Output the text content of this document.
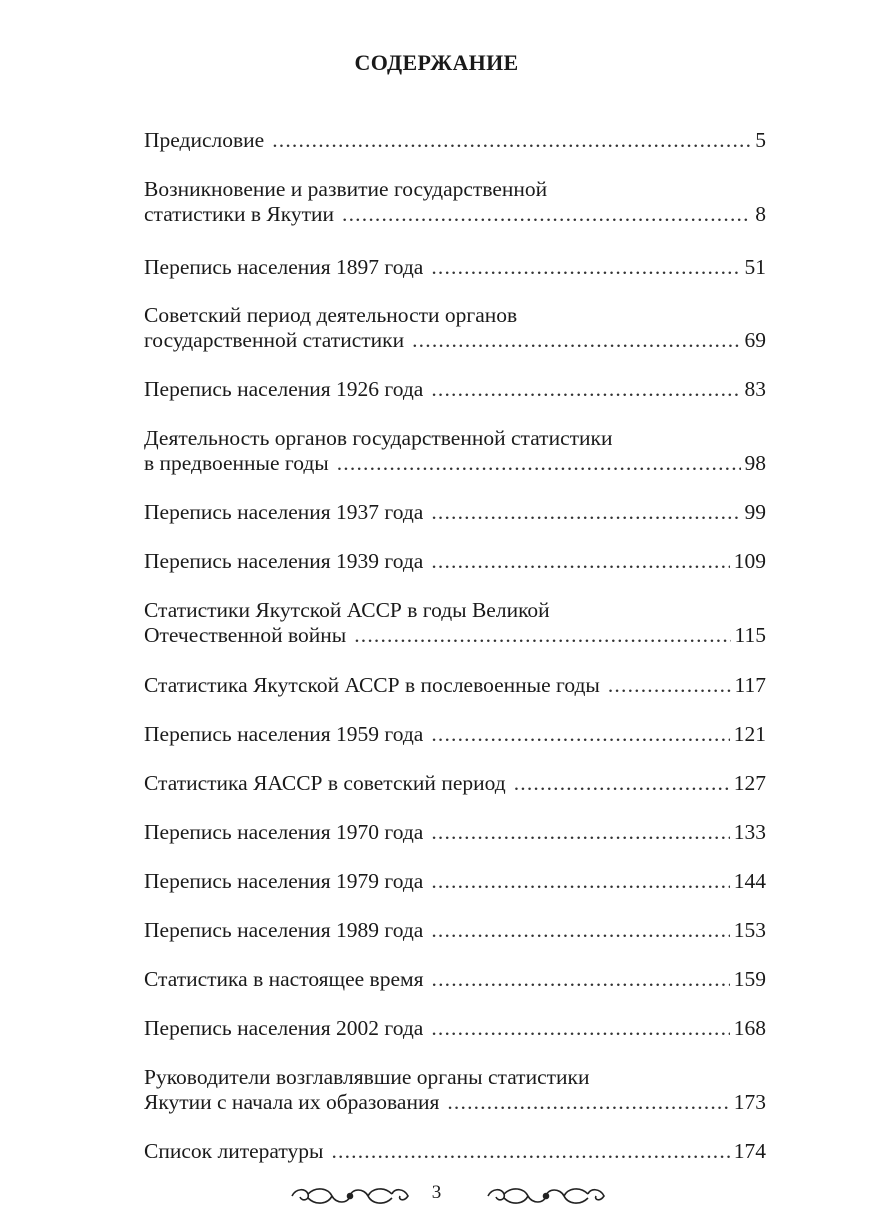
СОДЕРЖАНИЕ
Предисловие .....	5
Возникновение и развитие государственной
статистики в Якутии .....	8
Перепись населения 1897 года .....	51
Советский период деятельности органов
государственной статистики .....	69
Перепись населения 1926 года .....	83
Деятельность органов государственной статистики
в предвоенные годы .....	98
Перепись населения 1937 года .....	99
Перепись населения 1939 года .....	109
Статистики Якутской АССР в годы Великой
Отечественной войны .....	115
Статистика Якутской АССР в послевоенные годы .....	117
Перепись населения 1959 года .....	121
Статистика ЯАССР в советский период .....	127
Перепись населения 1970 года .....	133
Перепись населения 1979 года .....	144
Перепись населения 1989 года .....	153
Статистика в настоящее время .....	159
Перепись населения 2002 года .....	168
Руководители возглавлявшие органы статистики
Якутии с начала их образования .....	173
Список литературы .....	174
3
